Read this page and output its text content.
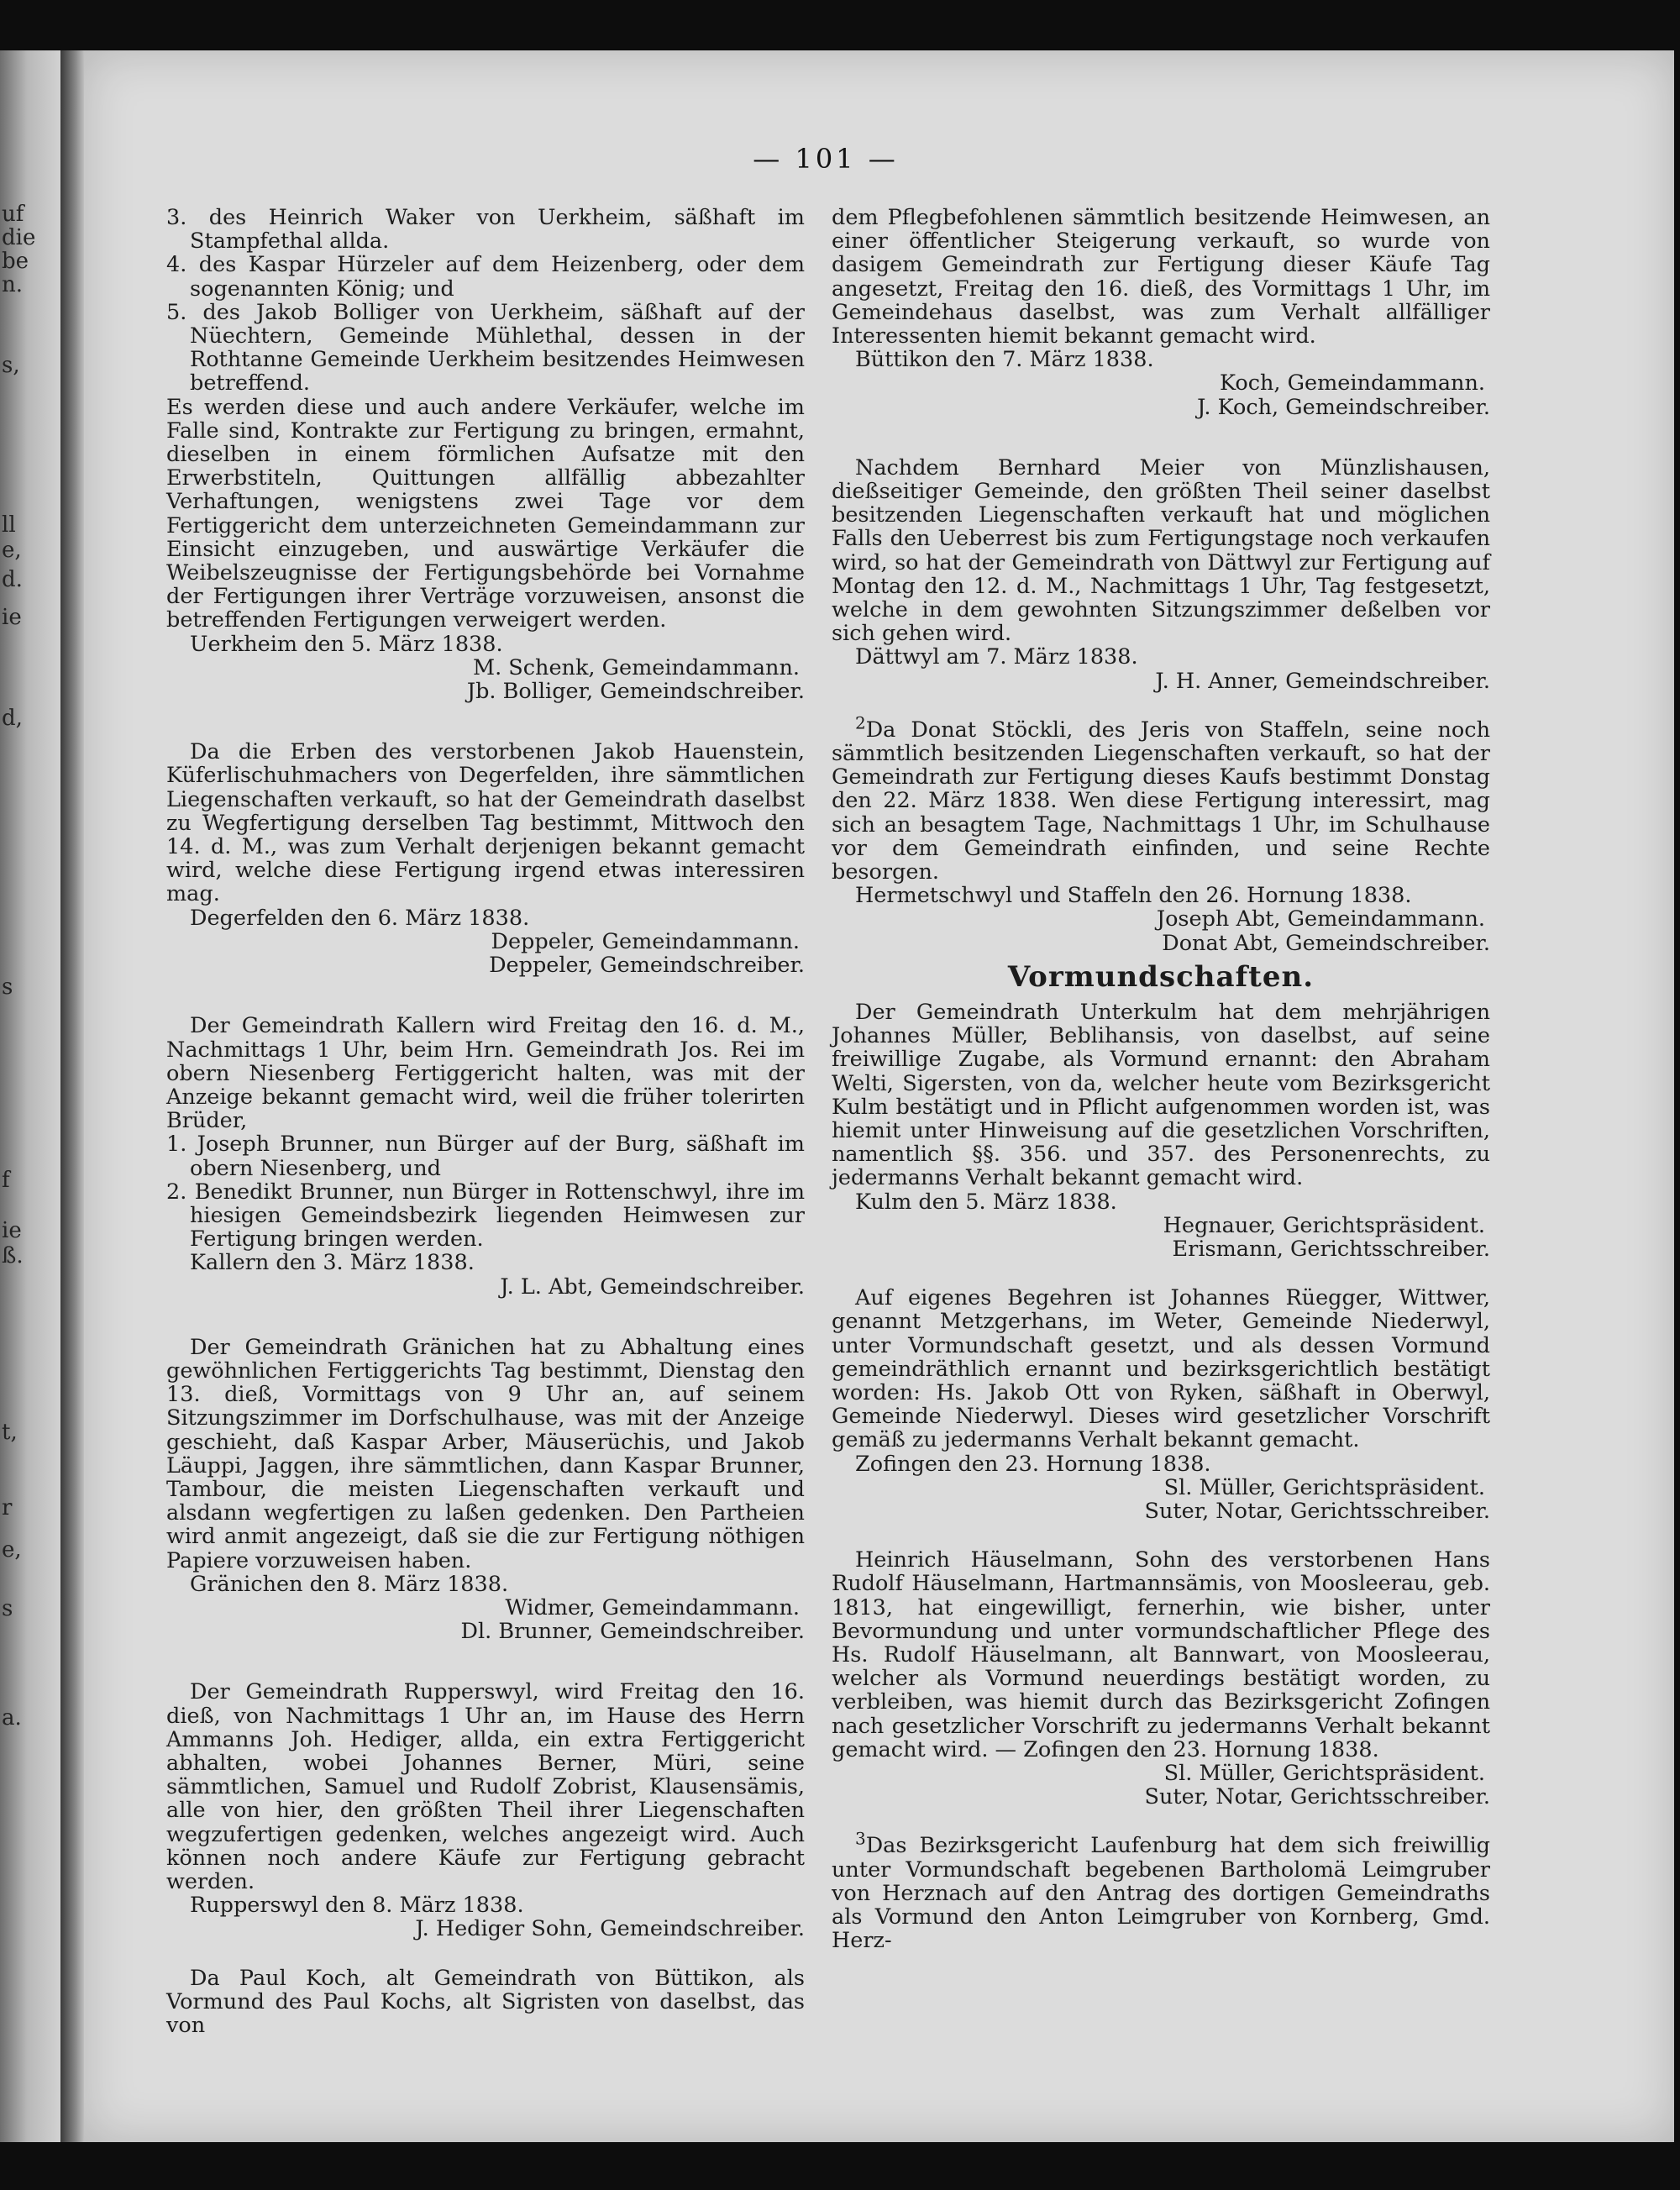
uf
die
be
n.
s,
ll
e,
d.
ie
d,
s
f
ie
ß.
t,
r
e,
s
a.
— 101 —

3. des Heinrich Waker von Uerkheim, säßhaft im Stampfethal allda.

4. des Kaspar Hürzeler auf dem Heizenberg, oder dem sogenannten König; und

5. des Jakob Bolliger von Uerkheim, säßhaft auf der Nüechtern, Gemeinde Mühlethal, dessen in der Rothtanne Gemeinde Uerkheim besitzendes Heimwesen betreffend.

Es werden diese und auch andere Verkäufer, welche im Falle sind, Kontrakte zur Fertigung zu bringen, ermahnt, dieselben in einem förmlichen Aufsatze mit den Erwerbstiteln, Quittungen allfällig abbezahlter Verhaftungen, wenigstens zwei Tage vor dem Fertiggericht dem unterzeichneten Gemeindammann zur Einsicht einzugeben, und auswärtige Verkäufer die Weibelszeugnisse der Fertigungsbehörde bei Vornahme der Fertigungen ihrer Verträge vorzuweisen, ansonst die betreffenden Fertigungen verweigert werden.

Uerkheim den 5. März 1838.

M. Schenk, Gemeindammann.

Jb. Bolliger, Gemeindschreiber.

Da die Erben des verstorbenen Jakob Hauenstein, Küferlischuhmachers von Degerfelden, ihre sämmtlichen Liegenschaften verkauft, so hat der Gemeindrath daselbst zu Wegfertigung derselben Tag bestimmt, Mittwoch den 14. d. M., was zum Verhalt derjenigen bekannt gemacht wird, welche diese Fertigung irgend etwas interessiren mag.

Degerfelden den 6. März 1838.

Deppeler, Gemeindammann.

Deppeler, Gemeindschreiber.

Der Gemeindrath Kallern wird Freitag den 16. d. M., Nachmittags 1 Uhr, beim Hrn. Gemeindrath Jos. Rei im obern Niesenberg Fertiggericht halten, was mit der Anzeige bekannt gemacht wird, weil die früher tolerirten Brüder,

1. Joseph Brunner, nun Bürger auf der Burg, säßhaft im obern Niesenberg, und

2. Benedikt Brunner, nun Bürger in Rottenschwyl, ihre im hiesigen Gemeindsbezirk liegenden Heimwesen zur Fertigung bringen werden.

Kallern den 3. März 1838.

J. L. Abt, Gemeindschreiber.

Der Gemeindrath Gränichen hat zu Abhaltung eines gewöhnlichen Fertiggerichts Tag bestimmt, Dienstag den 13. dieß, Vormittags von 9 Uhr an, auf seinem Sitzungszimmer im Dorfschulhause, was mit der Anzeige geschieht, daß Kaspar Arber, Mäuserüchis, und Jakob Läuppi, Jaggen, ihre sämmtlichen, dann Kaspar Brunner, Tambour, die meisten Liegenschaften verkauft und alsdann wegfertigen zu laßen gedenken. Den Partheien wird anmit angezeigt, daß sie die zur Fertigung nöthigen Papiere vorzuweisen haben.

Gränichen den 8. März 1838.

Widmer, Gemeindammann.

Dl. Brunner, Gemeindschreiber.

Der Gemeindrath Rupperswyl, wird Freitag den 16. dieß, von Nachmittags 1 Uhr an, im Hause des Herrn Ammanns Joh. Hediger, allda, ein extra Fertiggericht abhalten, wobei Johannes Berner, Müri, seine sämmtlichen, Samuel und Rudolf Zobrist, Klausensämis, alle von hier, den größten Theil ihrer Liegenschaften wegzufertigen gedenken, welches angezeigt wird. Auch können noch andere Käufe zur Fertigung gebracht werden.

Rupperswyl den 8. März 1838.

J. Hediger Sohn, Gemeindschreiber.

Da Paul Koch, alt Gemeindrath von Büttikon, als Vormund des Paul Kochs, alt Sigristen von daselbst, das von

dem Pflegbefohlenen sämmtlich besitzende Heimwesen, an einer öffentlicher Steigerung verkauft, so wurde von dasigem Gemeindrath zur Fertigung dieser Käufe Tag angesetzt, Freitag den 16. dieß, des Vormittags 1 Uhr, im Gemeindehaus daselbst, was zum Verhalt allfälliger Interessenten hiemit bekannt gemacht wird.

Büttikon den 7. März 1838.

Koch, Gemeindammann.

J. Koch, Gemeindschreiber.

Nachdem Bernhard Meier von Münzlishausen, dießseitiger Gemeinde, den größten Theil seiner daselbst besitzenden Liegenschaften verkauft hat und möglichen Falls den Ueberrest bis zum Fertigungstage noch verkaufen wird, so hat der Gemeindrath von Dättwyl zur Fertigung auf Montag den 12. d. M., Nachmittags 1 Uhr, Tag festgesetzt, welche in dem gewohnten Sitzungszimmer deßelben vor sich gehen wird.

Dättwyl am 7. März 1838.

J. H. Anner, Gemeindschreiber.

$^2$Da Donat Stöckli, des Jeris von Staffeln, seine noch sämmtlich besitzenden Liegenschaften verkauft, so hat der Gemeindrath zur Fertigung dieses Kaufs bestimmt Donstag den 22. März 1838. Wen diese Fertigung interessirt, mag sich an besagtem Tage, Nachmittags 1 Uhr, im Schulhause vor dem Gemeindrath einfinden, und seine Rechte besorgen.

Hermetschwyl und Staffeln den 26. Hornung 1838.

Joseph Abt, Gemeindammann.

Donat Abt, Gemeindschreiber.

Vormundschaften.

Der Gemeindrath Unterkulm hat dem mehrjährigen Johannes Müller, Beblihansis, von daselbst, auf seine freiwillige Zugabe, als Vormund ernannt: den Abraham Welti, Sigersten, von da, welcher heute vom Bezirksgericht Kulm bestätigt und in Pflicht aufgenommen worden ist, was hiemit unter Hinweisung auf die gesetzlichen Vorschriften, namentlich §§. 356. und 357. des Personenrechts, zu jedermanns Verhalt bekannt gemacht wird.

Kulm den 5. März 1838.

Hegnauer, Gerichtspräsident.

Erismann, Gerichtsschreiber.

Auf eigenes Begehren ist Johannes Rüegger, Wittwer, genannt Metzgerhans, im Weter, Gemeinde Niederwyl, unter Vormundschaft gesetzt, und als dessen Vormund gemeindräthlich ernannt und bezirksgerichtlich bestätigt worden: Hs. Jakob Ott von Ryken, säßhaft in Oberwyl, Gemeinde Niederwyl. Dieses wird gesetzlicher Vorschrift gemäß zu jedermanns Verhalt bekannt gemacht.

Zofingen den 23. Hornung 1838.

Sl. Müller, Gerichtspräsident.

Suter, Notar, Gerichtsschreiber.

Heinrich Häuselmann, Sohn des verstorbenen Hans Rudolf Häuselmann, Hartmannsämis, von Moosleerau, geb. 1813, hat eingewilligt, fernerhin, wie bisher, unter Bevormundung und unter vormundschaftlicher Pflege des Hs. Rudolf Häuselmann, alt Bannwart, von Moosleerau, welcher als Vormund neuerdings bestätigt worden, zu verbleiben, was hiemit durch das Bezirksgericht Zofingen nach gesetzlicher Vorschrift zu jedermanns Verhalt bekannt gemacht wird. — Zofingen den 23. Hornung 1838.

Sl. Müller, Gerichtspräsident.

Suter, Notar, Gerichtsschreiber.

$^3$Das Bezirksgericht Laufenburg hat dem sich freiwillig unter Vormundschaft begebenen Bartholomä Leimgruber von Herznach auf den Antrag des dortigen Gemeindraths als Vormund den Anton Leimgruber von Kornberg, Gmd. Herz-
